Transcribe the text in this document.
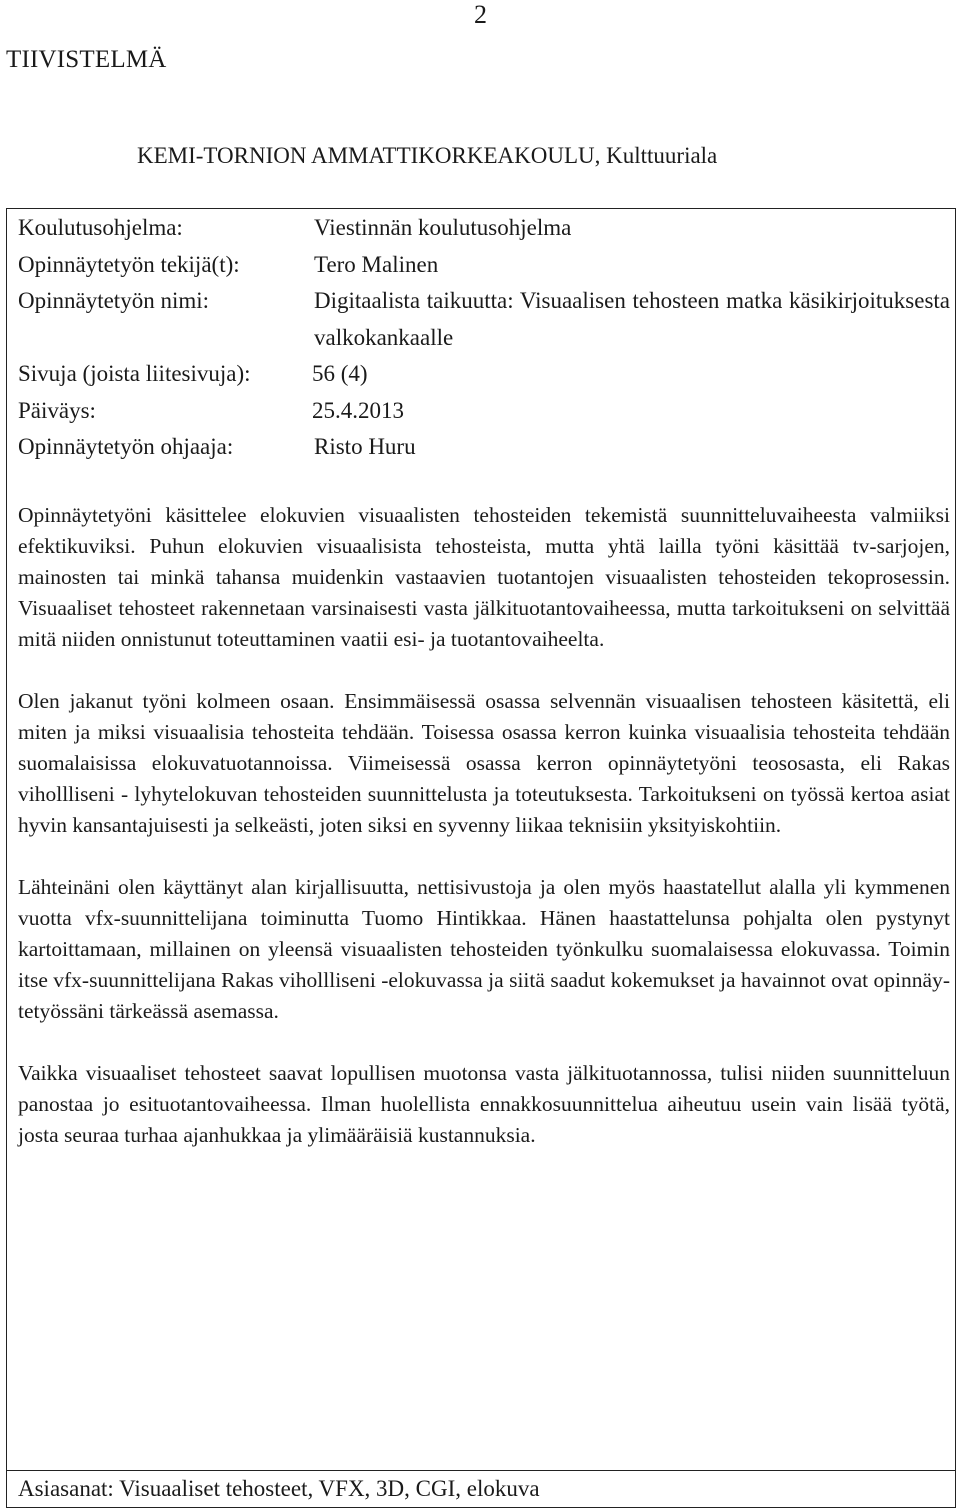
2
TIIVISTELMÄ
KEMI-TORNION AMMATTIKORKEAKOULU, Kulttuuriala
Koulutusohjelma:	Viestinnän koulutusohjelma
Opinnäytetyön tekijä(t):	Tero Malinen
Opinnäytetyön nimi:	Digitaalista taikuutta: Visuaalisen tehosteen matka käsikirjoituksesta valkokankaalle
Sivuja (joista liitesivuja):	56 (4)
Päiväys:	25.4.2013
Opinnäytetyön ohjaaja:	Risto Huru

Opinnäytetyöni käsittelee elokuvien visuaalisten tehosteiden tekemistä suunnitteluvaiheesta valmiiksi efektikuviksi. Puhun elokuvien visuaalisista tehosteista, mutta yhtä lailla työni käsittää tv-sarjojen, mainosten tai minkä tahansa muidenkin vastaavien tuotantojen visuaalisten tehosteiden tekoprosessin. Visuaaliset tehosteet rakennetaan varsinaisesti vasta jälkituotantovaiheessa, mutta tarkoitukseni on selvittää mitä niiden onnistunut toteuttaminen vaatii esi- ja tuotantovaiheelta.

Olen jakanut työni kolmeen osaan. Ensimmäisessä osassa selvennän visuaalisen tehosteen käsitettä, eli miten ja miksi visuaalisia tehosteita tehdään. Toisessa osassa kerron kuinka visuaalisia tehosteita tehdään suomalaisissa elokuvatuotannoissa. Viimeisessä osassa kerron opinnäytetyöni teososasta, eli Rakas vihollliseni - lyhytelokuvan tehosteiden suunnittelusta ja toteutuksesta. Tarkoitukseni on työssä kertoa asiat hyvin kansantajuisesti ja selkeästi, joten siksi en syvenny liikaa teknisiin yksityiskohtiin.

Lähteinäni olen käyttänyt alan kirjallisuutta, nettisivustoja ja olen myös haastatellut alalla yli kymmenen vuotta vfx-suunnittelijana toiminutta Tuomo Hintikkaa. Hänen haastattelunsa pohjalta olen pystynyt kartoittamaan, millainen on yleensä visuaalisten tehosteiden työnkulku suomalaisessa elokuvassa. Toimin itse vfx-suunnittelijana Rakas vihollliseni -elokuvassa ja siitä saadut kokemukset ja havainnot ovat opinnäytetyössäni tärkeässä asemassa.

Vaikka visuaaliset tehosteet saavat lopullisen muotonsa vasta jälkituotannossa, tulisi niiden suunnitteluun panostaa jo esituotantovaiheessa. Ilman huolellista ennakkosuunnittelua aiheutuu usein vain lisää työtä, josta seuraa turhaa ajanhukkaa ja ylimääräisiä kustannuksia.

Asiasanat: Visuaaliset tehosteet, VFX, 3D, CGI, elokuva
